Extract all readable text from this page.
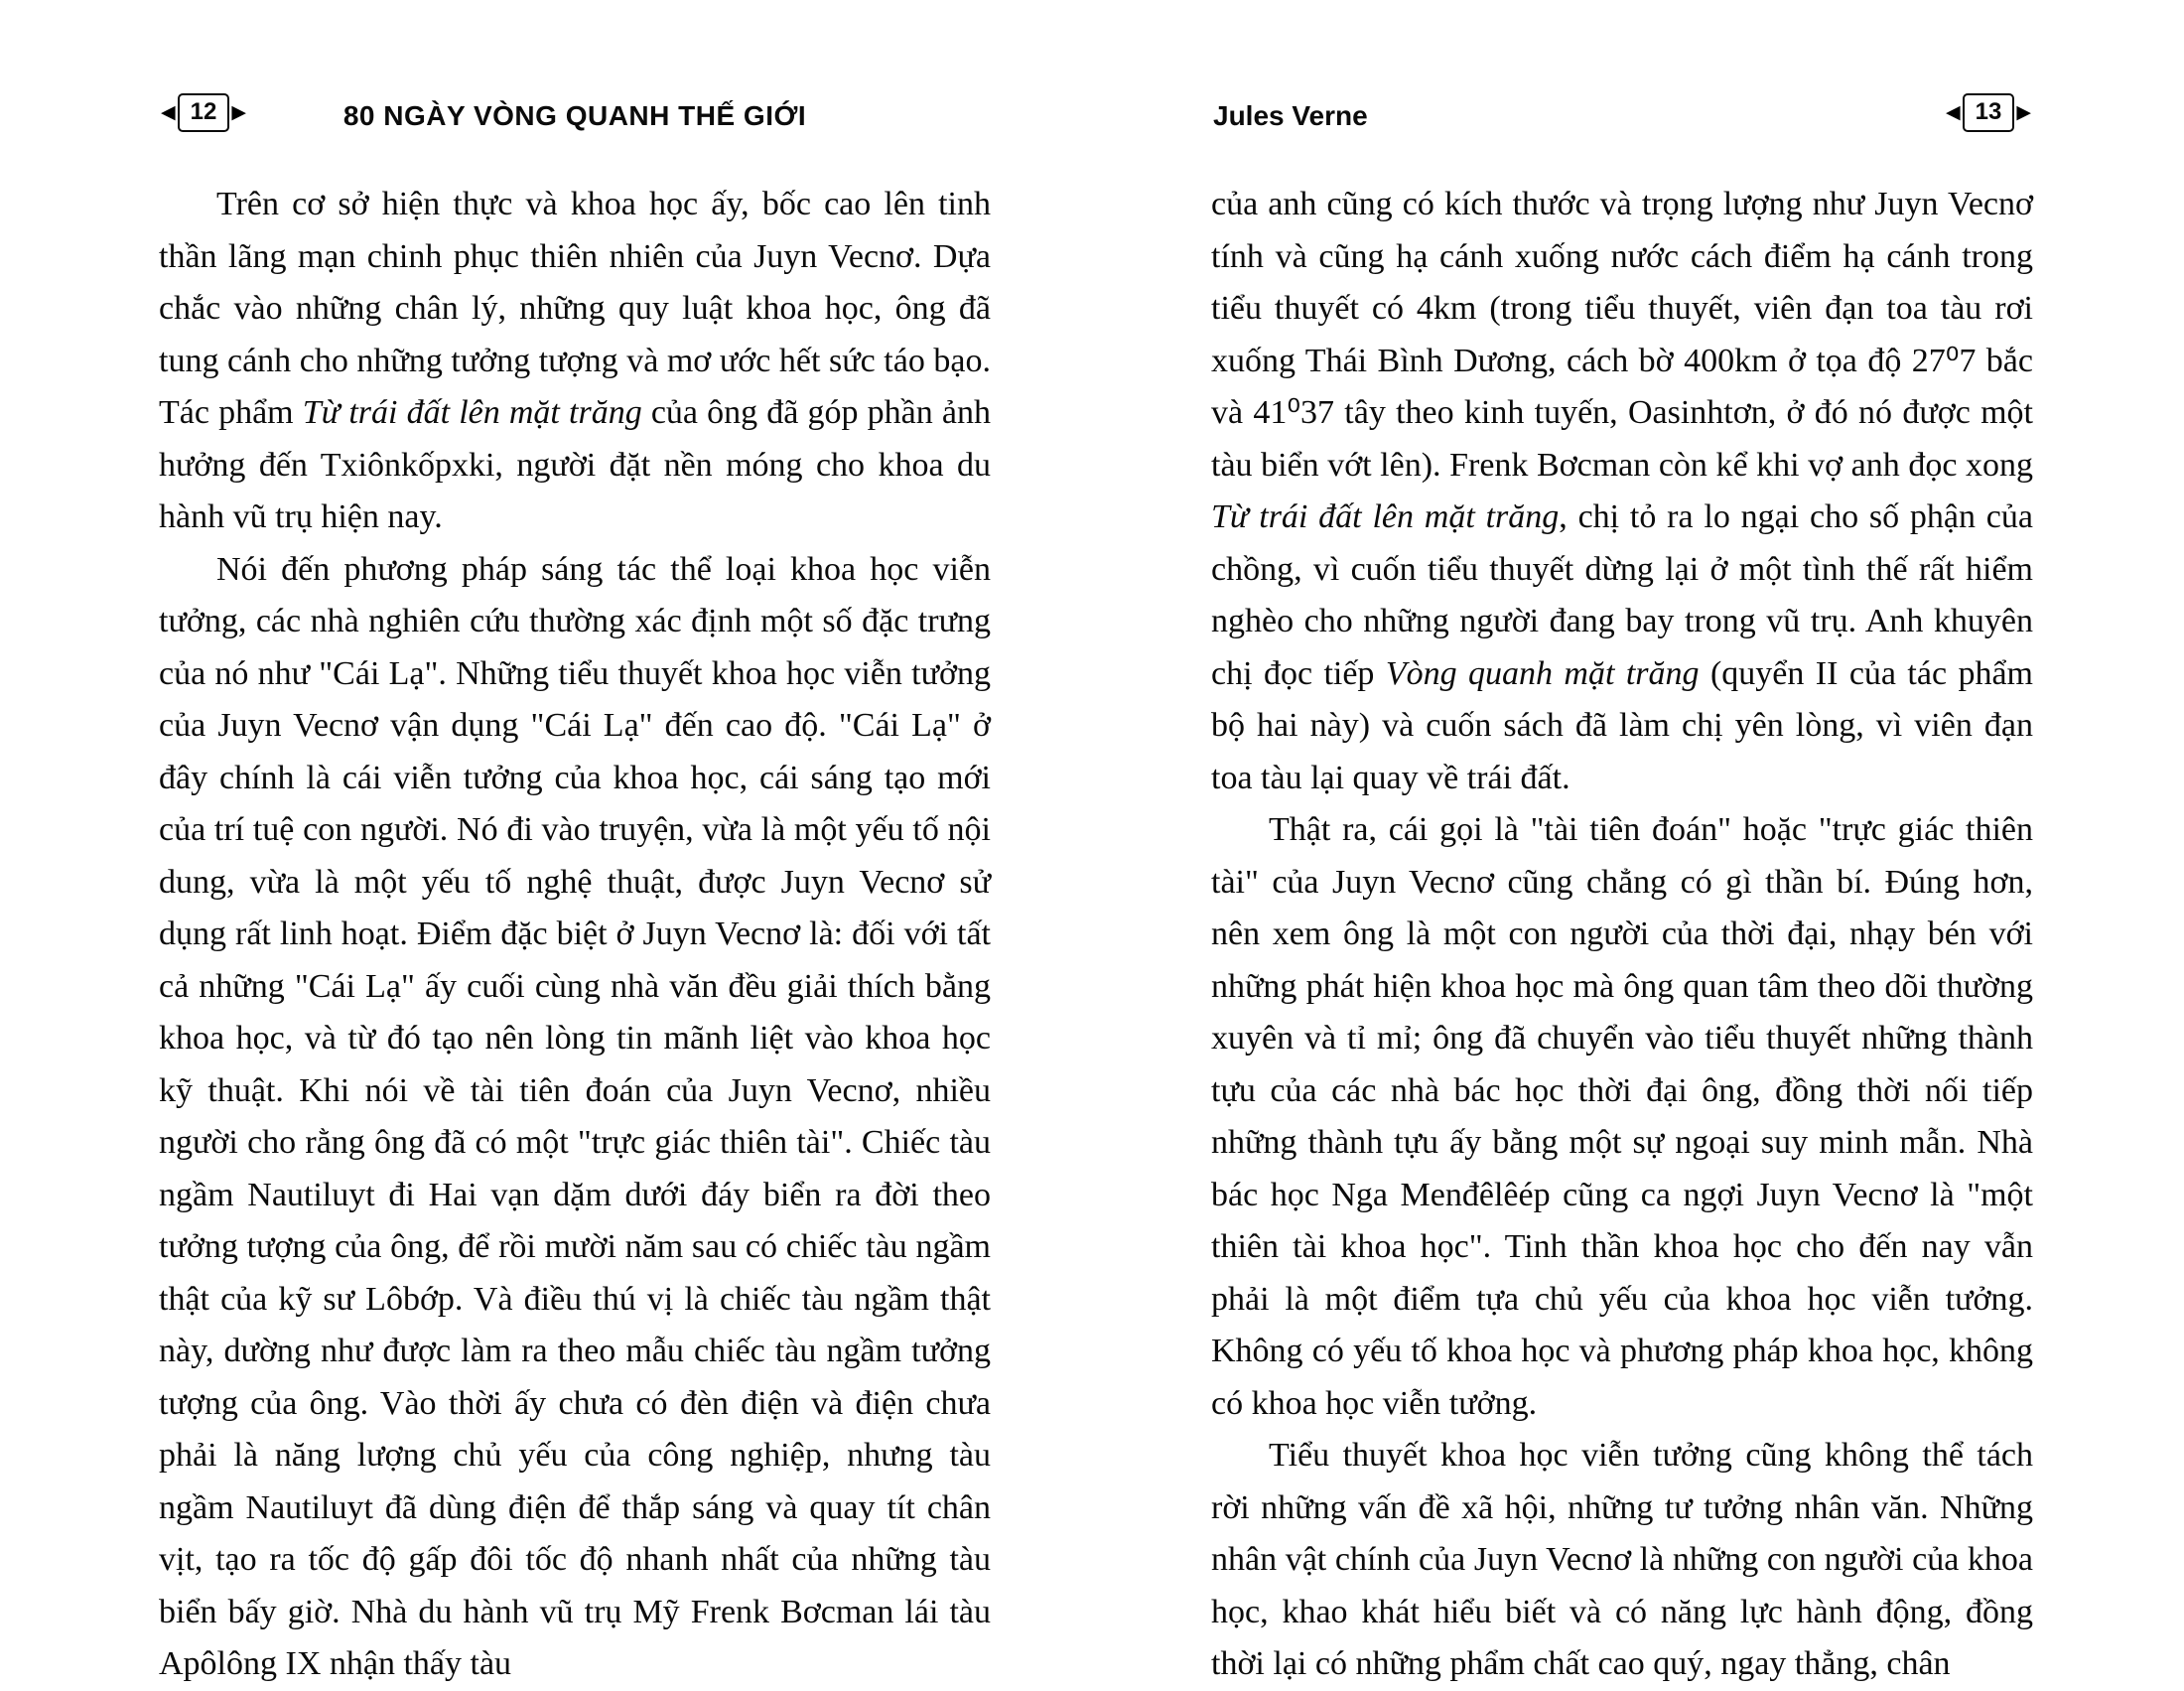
◀ 12 ▶	80 NGÀY VÒNG QUANH THẾ GIỚI

Trên cơ sở hiện thực và khoa học ấy, bốc cao lên tinh thần lãng mạn chinh phục thiên nhiên của Juyn Vecnơ. Dựa chắc vào những chân lý, những quy luật khoa học, ông đã tung cánh cho những tưởng tượng và mơ ước hết sức táo bạo. Tác phẩm Từ trái đất lên mặt trăng của ông đã góp phần ảnh hưởng đến Txiônkốpxki, người đặt nền móng cho khoa du hành vũ trụ hiện nay.

Nói đến phương pháp sáng tác thể loại khoa học viễn tưởng, các nhà nghiên cứu thường xác định một số đặc trưng của nó như "Cái Lạ". Những tiểu thuyết khoa học viễn tưởng của Juyn Vecnơ vận dụng "Cái Lạ" đến cao độ. "Cái Lạ" ở đây chính là cái viễn tưởng của khoa học, cái sáng tạo mới của trí tuệ con người. Nó đi vào truyện, vừa là một yếu tố nội dung, vừa là một yếu tố nghệ thuật, được Juyn Vecnơ sử dụng rất linh hoạt. Điểm đặc biệt ở Juyn Vecnơ là: đối với tất cả những "Cái Lạ" ấy cuối cùng nhà văn đều giải thích bằng khoa học, và từ đó tạo nên lòng tin mãnh liệt vào khoa học kỹ thuật. Khi nói về tài tiên đoán của Juyn Vecnơ, nhiều người cho rằng ông đã có một "trực giác thiên tài". Chiếc tàu ngầm Nautiluyt đi Hai vạn dặm dưới đáy biển ra đời theo tưởng tượng của ông, để rồi mười năm sau có chiếc tàu ngầm thật của kỹ sư Lôbớp. Và điều thú vị là chiếc tàu ngầm thật này, dường như được làm ra theo mẫu chiếc tàu ngầm tưởng tượng của ông. Vào thời ấy chưa có đèn điện và điện chưa phải là năng lượng chủ yếu của công nghiệp, nhưng tàu ngầm Nautiluyt đã dùng điện để thắp sáng và quay tít chân vịt, tạo ra tốc độ gấp đôi tốc độ nhanh nhất của những tàu biển bấy giờ. Nhà du hành vũ trụ Mỹ Frenk Bơcman lái tàu Apôlông IX nhận thấy tàu

Jules Verne	◀ 13 ▶

của anh cũng có kích thước và trọng lượng như Juyn Vecnơ tính và cũng hạ cánh xuống nước cách điểm hạ cánh trong tiểu thuyết có 4km (trong tiểu thuyết, viên đạn toa tàu rơi xuống Thái Bình Dương, cách bờ 400km ở tọa độ 27⁰7 bắc và 41⁰37 tây theo kinh tuyến, Oasinhtơn, ở đó nó được một tàu biển vớt lên). Frenk Bơcman còn kể khi vợ anh đọc xong Từ trái đất lên mặt trăng, chị tỏ ra lo ngại cho số phận của chồng, vì cuốn tiểu thuyết dừng lại ở một tình thế rất hiểm nghèo cho những người đang bay trong vũ trụ. Anh khuyên chị đọc tiếp Vòng quanh mặt trăng (quyển II của tác phẩm bộ hai này) và cuốn sách đã làm chị yên lòng, vì viên đạn toa tàu lại quay về trái đất.

Thật ra, cái gọi là "tài tiên đoán" hoặc "trực giác thiên tài" của Juyn Vecnơ cũng chẳng có gì thần bí. Đúng hơn, nên xem ông là một con người của thời đại, nhạy bén với những phát hiện khoa học mà ông quan tâm theo dõi thường xuyên và tỉ mỉ; ông đã chuyển vào tiểu thuyết những thành tựu của các nhà bác học thời đại ông, đồng thời nối tiếp những thành tựu ấy bằng một sự ngoại suy minh mẫn. Nhà bác học Nga Menđêlêép cũng ca ngợi Juyn Vecnơ là "một thiên tài khoa học". Tinh thần khoa học cho đến nay vẫn phải là một điểm tựa chủ yếu của khoa học viễn tưởng. Không có yếu tố khoa học và phương pháp khoa học, không có khoa học viễn tưởng.

Tiểu thuyết khoa học viễn tưởng cũng không thể tách rời những vấn đề xã hội, những tư tưởng nhân văn. Những nhân vật chính của Juyn Vecnơ là những con người của khoa học, khao khát hiểu biết và có năng lực hành động, đồng thời lại có những phẩm chất cao quý, ngay thẳng, chân
